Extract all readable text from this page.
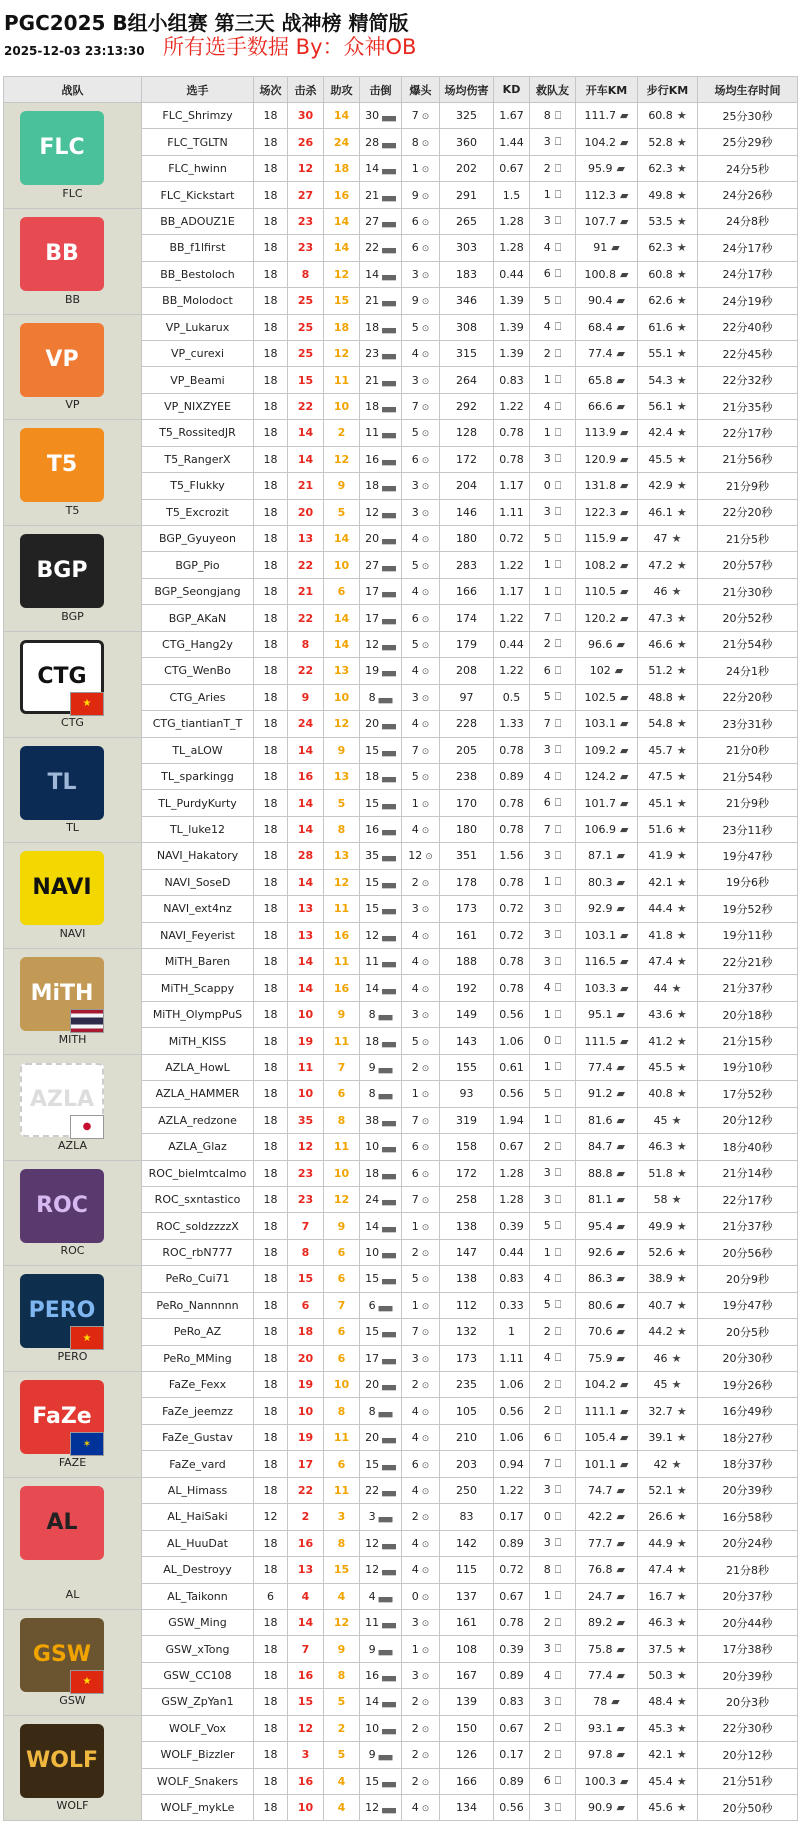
PGC2025 B组小组赛 第三天 战神榜 精简版
所有选手数据 By：众神OB
2025-12-03 23:13:30
战队	选手	场次	击杀	助攻	击倒	爆头	场均伤害	KD	救队友	开车KM	步行KM	场均生存时间

FLC
FLC	FLC_Shrimzy	18	30	14	30 ▄▄	7 ⊙	325	1.67	8 ⎕	111.7 ▰	60.8 ★	25分30秒
	FLC_TGLTN	18	26	24	28 ▄▄	8 ⊙	360	1.44	3 ⎕	104.2 ▰	52.8 ★	25分29秒
	FLC_hwinn	18	12	18	14 ▄▄	1 ⊙	202	0.67	2 ⎕	95.9 ▰	62.3 ★	24分5秒
	FLC_Kickstart	18	27	16	21 ▄▄	9 ⊙	291	1.5	1 ⎕	112.3 ▰	49.8 ★	24分26秒

BB
BB	BB_ADOUZ1E	18	23	14	27 ▄▄	6 ⊙	265	1.28	3 ⎕	107.7 ▰	53.5 ★	24分8秒
	BB_f1lfirst	18	23	14	22 ▄▄	6 ⊙	303	1.28	4 ⎕	91 ▰	62.3 ★	24分17秒
	BB_Bestoloch	18	8	12	14 ▄▄	3 ⊙	183	0.44	6 ⎕	100.8 ▰	60.8 ★	24分17秒
	BB_Molodoct	18	25	15	21 ▄▄	9 ⊙	346	1.39	5 ⎕	90.4 ▰	62.6 ★	24分19秒

VP
VP	VP_Lukarux	18	25	18	18 ▄▄	5 ⊙	308	1.39	4 ⎕	68.4 ▰	61.6 ★	22分40秒
	VP_curexi	18	25	12	23 ▄▄	4 ⊙	315	1.39	2 ⎕	77.4 ▰	55.1 ★	22分45秒
	VP_Beami	18	15	11	21 ▄▄	3 ⊙	264	0.83	1 ⎕	65.8 ▰	54.3 ★	22分32秒
	VP_NIXZYEE	18	22	10	18 ▄▄	7 ⊙	292	1.22	4 ⎕	66.6 ▰	56.1 ★	21分35秒

T5
T5	T5_RossitedJR	18	14	2	11 ▄▄	5 ⊙	128	0.78	1 ⎕	113.9 ▰	42.4 ★	22分17秒
	T5_RangerX	18	14	12	16 ▄▄	6 ⊙	172	0.78	3 ⎕	120.9 ▰	45.5 ★	21分56秒
	T5_Flukky	18	21	9	18 ▄▄	3 ⊙	204	1.17	0 ⎕	131.8 ▰	42.9 ★	21分9秒
	T5_Excrozit	18	20	5	12 ▄▄	3 ⊙	146	1.11	3 ⎕	122.3 ▰	46.1 ★	22分20秒

BGP
BGP	BGP_Gyuyeon	18	13	14	20 ▄▄	4 ⊙	180	0.72	5 ⎕	115.9 ▰	47 ★	21分5秒
	BGP_Pio	18	22	10	27 ▄▄	5 ⊙	283	1.22	1 ⎕	108.2 ▰	47.2 ★	20分57秒
	BGP_Seongjang	18	21	6	17 ▄▄	4 ⊙	166	1.17	1 ⎕	110.5 ▰	46 ★	21分30秒
	BGP_AKaN	18	22	14	17 ▄▄	6 ⊙	174	1.22	7 ⎕	120.2 ▰	47.3 ★	20分52秒

CTG
★
CTG	CTG_Hang2y	18	8	14	12 ▄▄	5 ⊙	179	0.44	2 ⎕	96.6 ▰	46.6 ★	21分54秒
	CTG_WenBo	18	22	13	19 ▄▄	4 ⊙	208	1.22	6 ⎕	102 ▰	51.2 ★	24分1秒
	CTG_Aries	18	9	10	8 ▄▄	3 ⊙	97	0.5	5 ⎕	102.5 ▰	48.8 ★	22分20秒
	CTG_tiantianT_T	18	24	12	20 ▄▄	4 ⊙	228	1.33	7 ⎕	103.1 ▰	54.8 ★	23分31秒

TL
TL	TL_aLOW	18	14	9	15 ▄▄	7 ⊙	205	0.78	3 ⎕	109.2 ▰	45.7 ★	21分0秒
	TL_sparkingg	18	16	13	18 ▄▄	5 ⊙	238	0.89	4 ⎕	124.2 ▰	47.5 ★	21分54秒
	TL_PurdyKurty	18	14	5	15 ▄▄	1 ⊙	170	0.78	6 ⎕	101.7 ▰	45.1 ★	21分9秒
	TL_luke12	18	14	8	16 ▄▄	4 ⊙	180	0.78	7 ⎕	106.9 ▰	51.6 ★	23分11秒

NAVI
NAVI	NAVI_Hakatory	18	28	13	35 ▄▄	12 ⊙	351	1.56	3 ⎕	87.1 ▰	41.9 ★	19分47秒
	NAVI_SoseD	18	14	12	15 ▄▄	2 ⊙	178	0.78	1 ⎕	80.3 ▰	42.1 ★	19分6秒
	NAVI_ext4nz	18	13	11	15 ▄▄	3 ⊙	173	0.72	3 ⎕	92.9 ▰	44.4 ★	19分52秒
	NAVI_Feyerist	18	13	16	12 ▄▄	4 ⊙	161	0.72	3 ⎕	103.1 ▰	41.8 ★	19分11秒

MiTH
MITH	MiTH_Baren	18	14	11	11 ▄▄	4 ⊙	188	0.78	3 ⎕	116.5 ▰	47.4 ★	22分21秒
	MiTH_Scappy	18	14	16	14 ▄▄	4 ⊙	192	0.78	4 ⎕	103.3 ▰	44 ★	21分37秒
	MiTH_OlympPuS	18	10	9	8 ▄▄	3 ⊙	149	0.56	1 ⎕	95.1 ▰	43.6 ★	20分18秒
	MiTH_KISS	18	19	11	18 ▄▄	5 ⊙	143	1.06	0 ⎕	111.5 ▰	41.2 ★	21分15秒

AZLA
●
AZLA	AZLA_HowL	18	11	7	9 ▄▄	2 ⊙	155	0.61	1 ⎕	77.4 ▰	45.5 ★	19分10秒
	AZLA_HAMMER	18	10	6	8 ▄▄	1 ⊙	93	0.56	5 ⎕	91.2 ▰	40.8 ★	17分52秒
	AZLA_redzone	18	35	8	38 ▄▄	7 ⊙	319	1.94	1 ⎕	81.6 ▰	45 ★	20分12秒
	AZLA_Glaz	18	12	11	10 ▄▄	6 ⊙	158	0.67	2 ⎕	84.7 ▰	46.3 ★	18分40秒

ROC
ROC	ROC_bielmtcalmo	18	23	10	18 ▄▄	6 ⊙	172	1.28	3 ⎕	88.8 ▰	51.8 ★	21分14秒
	ROC_sxntastico	18	23	12	24 ▄▄	7 ⊙	258	1.28	3 ⎕	81.1 ▰	58 ★	22分17秒
	ROC_soldzzzzX	18	7	9	14 ▄▄	1 ⊙	138	0.39	5 ⎕	95.4 ▰	49.9 ★	21分37秒
	ROC_rbN777	18	8	6	10 ▄▄	2 ⊙	147	0.44	1 ⎕	92.6 ▰	52.6 ★	20分56秒

PERO
★
PERO	PeRo_Cui71	18	15	6	15 ▄▄	5 ⊙	138	0.83	4 ⎕	86.3 ▰	38.9 ★	20分9秒
	PeRo_Nannnnn	18	6	7	6 ▄▄	1 ⊙	112	0.33	5 ⎕	80.6 ▰	40.7 ★	19分47秒
	PeRo_AZ	18	18	6	15 ▄▄	7 ⊙	132	1	2 ⎕	70.6 ▰	44.2 ★	20分5秒
	PeRo_MMing	18	20	6	17 ▄▄	3 ⊙	173	1.11	4 ⎕	75.9 ▰	46 ★	20分30秒

FaZe
✶
FAZE	FaZe_Fexx	18	19	10	20 ▄▄	2 ⊙	235	1.06	2 ⎕	104.2 ▰	45 ★	19分26秒
	FaZe_jeemzz	18	10	8	8 ▄▄	4 ⊙	105	0.56	2 ⎕	111.1 ▰	32.7 ★	16分49秒
	FaZe_Gustav	18	19	11	20 ▄▄	4 ⊙	210	1.06	6 ⎕	105.4 ▰	39.1 ★	18分27秒
	FaZe_vard	18	17	6	15 ▄▄	6 ⊙	203	0.94	7 ⎕	101.1 ▰	42 ★	18分37秒

AL
AL	AL_Himass	18	22	11	22 ▄▄	4 ⊙	250	1.22	3 ⎕	74.7 ▰	52.1 ★	20分39秒
	AL_HaiSaki	12	2	3	3 ▄▄	2 ⊙	83	0.17	0 ⎕	42.2 ▰	26.6 ★	16分58秒
	AL_HuuDat	18	16	8	12 ▄▄	4 ⊙	142	0.89	3 ⎕	77.7 ▰	44.9 ★	20分24秒
	AL_Destroyy	18	13	15	12 ▄▄	4 ⊙	115	0.72	8 ⎕	76.8 ▰	47.4 ★	21分8秒
	AL_Taikonn	6	4	4	4 ▄▄	0 ⊙	137	0.67	1 ⎕	24.7 ▰	16.7 ★	20分37秒

GSW
★
GSW	GSW_Ming	18	14	12	11 ▄▄	3 ⊙	161	0.78	2 ⎕	89.2 ▰	46.3 ★	20分44秒
	GSW_xTong	18	7	9	9 ▄▄	1 ⊙	108	0.39	3 ⎕	75.8 ▰	37.5 ★	17分38秒
	GSW_CC108	18	16	8	16 ▄▄	3 ⊙	167	0.89	4 ⎕	77.4 ▰	50.3 ★	20分39秒
	GSW_ZpYan1	18	15	5	14 ▄▄	2 ⊙	139	0.83	3 ⎕	78 ▰	48.4 ★	20分3秒

WOLF
WOLF	WOLF_Vox	18	12	2	10 ▄▄	2 ⊙	150	0.67	2 ⎕	93.1 ▰	45.3 ★	22分30秒
	WOLF_Bizzler	18	3	5	9 ▄▄	2 ⊙	126	0.17	2 ⎕	97.8 ▰	42.1 ★	20分12秒
	WOLF_Snakers	18	16	4	15 ▄▄	2 ⊙	166	0.89	6 ⎕	100.3 ▰	45.4 ★	21分51秒
	WOLF_mykLe	18	10	4	12 ▄▄	4 ⊙	134	0.56	3 ⎕	90.9 ▰	45.6 ★	20分50秒
